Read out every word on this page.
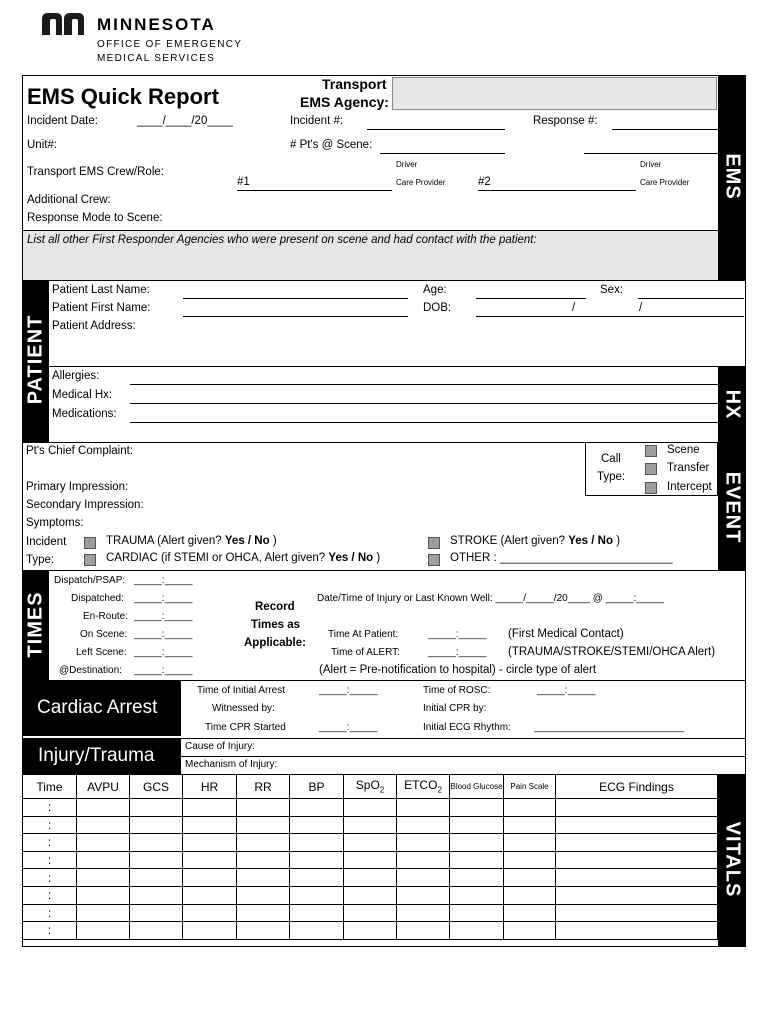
MINNESOTA
OFFICE OF EMERGENCY
MEDICAL SERVICES
EMS
EMS Quick Report	Transport
EMS Agency:
Incident Date:	____/____/20____	Incident #:	Response #:
Unit#:	# Pt's @ Scene:
Transport EMS Crew/Role:
Driver	Driver
#1	Care Provider	#2	Care Provider
Additional Crew:
Response Mode to Scene:
List all other First Responder Agencies who were present on scene and had contact with the patient:
PATIENT
Patient Last Name:	Age:	Sex:
Patient First Name:	DOB:	/	/
Patient Address:
HX
Allergies:
Medical Hx:
Medications:
EVENT
Pt's Chief Complaint:
Call
Type:
Scene
Transfer
Intercept
Primary Impression:
Secondary Impression:
Symptoms:
Incident
Type:
TRAUMA (Alert given? Yes / No )
CARDIAC (if STEMI or OHCA, Alert given? Yes / No )
STROKE (Alert given? Yes / No )
OTHER : ___________________________
TIMES
Dispatch/PSAP: _____:_____
Dispatched: _____:_____
En-Route: _____:_____
On Scene: _____:_____
Left Scene: _____:_____
@Destination: _____:_____
Record
Times as
Applicable:
Date/Time of Injury or Last Known Well: _____/_____/20____ @ _____:_____
Time At Patient:	_____:_____ (First Medical Contact)
Time of ALERT:	_____:_____ (TRAUMA/STROKE/STEMI/OHCA Alert)
(Alert = Pre-notification to hospital) - circle type of alert
Cardiac Arrest
Time of Initial Arrest	_____:_____
Witnessed by:
Time CPR Started	_____:_____
Time of ROSC:	_____:_____
Initial CPR by:
Initial ECG Rhythm: ___________________________
Injury/Trauma	Cause of Injury:
Mechanism of Injury:
VITALS
Time	AVPU	GCS	HR	RR	BP	SpO$_2$	$ETCO_2$	Blood Glucose	Pain Scale	ECG Findings
:										
:										
:										
:										
:										
:										
:										
:										
